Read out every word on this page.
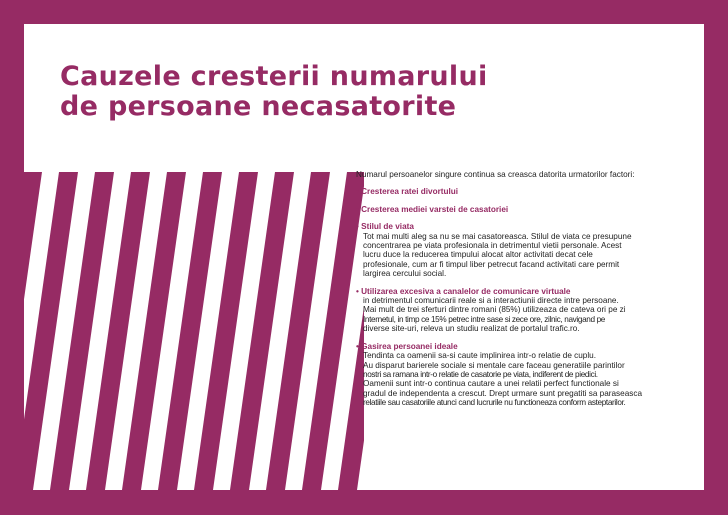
Cauzele cresterii numarului
de persoane necasatorite

Numarul persoanelor singure continua sa creasca datorita urmatorilor factori:

• Cresterea ratei divortului

• Cresterea mediei varstei de casatoriei

• Stilul de viata

Tot mai multi aleg sa nu se mai casatoreasca. Stilul de viata ce presupune
concentrarea pe viata profesionala in detrimentul vietii personale. Acest
lucru duce la reducerea timpului alocat altor activitati decat cele
profesionale, cum ar fi timpul liber petrecut facand activitati care permit
largirea cercului social.

• Utilizarea excesiva a canalelor de comunicare virtuale

in detrimentul comunicarii reale si a interactiunii directe intre persoane.
Mai mult de trei sferturi dintre romani (85%) utilizeaza de cateva ori pe zi
Internetul, in timp ce 15% petrec intre sase si zece ore, zilnic, navigand pe
diverse site-uri, releva un studiu realizat de portalul trafic.ro.

• Gasirea persoanei ideale

Tendinta ca oamenii sa-si caute implinirea intr-o relatie de cuplu.
Au disparut barierele sociale si mentale care faceau generatiile parintilor
nostri sa ramana intr-o relatie de casatorie pe viata, indiferent de piedici.
Oamenii sunt intr-o continua cautare a unei relatii perfect functionale si
gradul de independenta a crescut. Drept urmare sunt pregatiti sa paraseasca
relatiile sau casatoriile atunci cand lucrurile nu functioneaza conform asteptarilor.
